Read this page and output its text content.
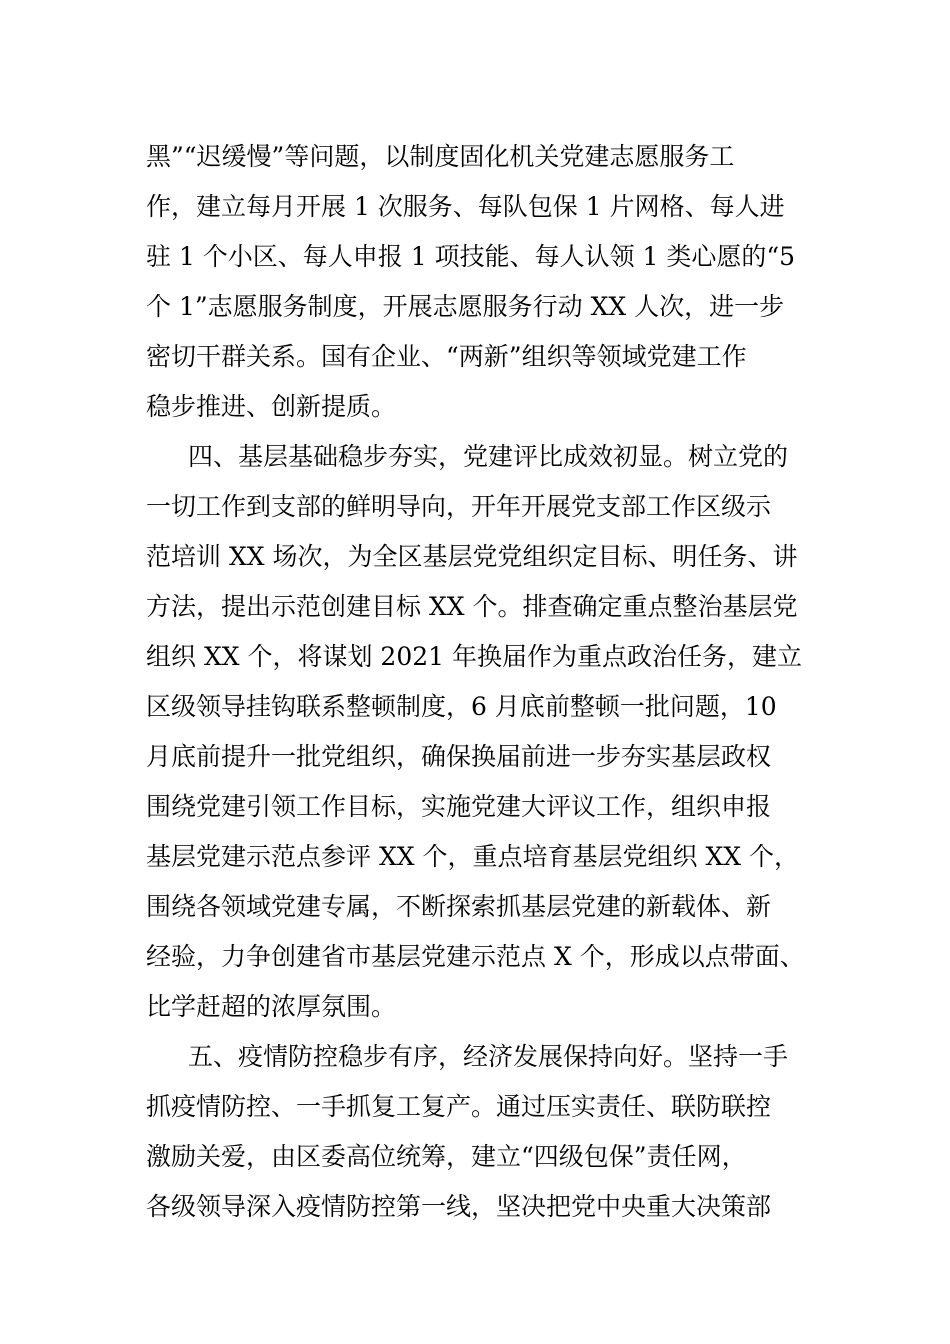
黑”“迟缓慢”等问题，以制度固化机关党建志愿服务工
作，建立每月开展 1 次服务、每队包保 1 片网格、每人进
驻 1 个小区、每人申报 1 项技能、每人认领 1 类心愿的“5
个 1”志愿服务制度，开展志愿服务行动 XX 人次，进一步
密切干群关系。国有企业、“两新”组织等领域党建工作
稳步推进、创新提质。
四、基层基础稳步夯实，党建评比成效初显。树立党的
一切工作到支部的鲜明导向，开年开展党支部工作区级示
范培训 XX 场次，为全区基层党党组织定目标、明任务、讲
方法，提出示范创建目标 XX 个。排查确定重点整治基层党
组织 XX 个，将谋划 2021 年换届作为重点政治任务，建立
区级领导挂钩联系整顿制度，6 月底前整顿一批问题，10
月底前提升一批党组织，确保换届前进一步夯实基层政权
围绕党建引领工作目标，实施党建大评议工作，组织申报
基层党建示范点参评 XX 个，重点培育基层党组织 XX 个，
围绕各领域党建专属，不断探索抓基层党建的新载体、新
经验，力争创建省市基层党建示范点 X 个，形成以点带面、
比学赶超的浓厚氛围。
五、疫情防控稳步有序，经济发展保持向好。坚持一手
抓疫情防控、一手抓复工复产。通过压实责任、联防联控
激励关爱，由区委高位统筹，建立“四级包保”责任网，
各级领导深入疫情防控第一线，坚决把党中央重大决策部
